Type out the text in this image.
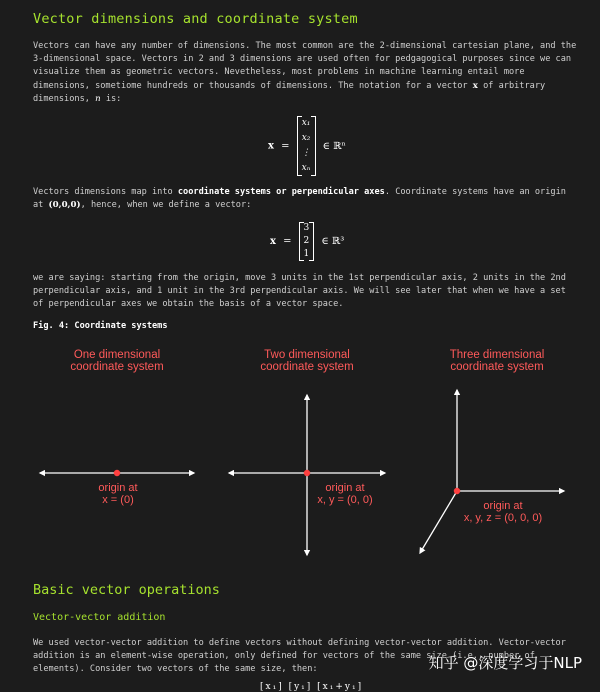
Vector dimensions and coordinate system
Vectors can have any number of dimensions. The most common are the 2-dimensional cartesian plane, and the 3-dimensional space. Vectors in 2 and 3 dimensions are used often for pedgagogical purposes since we can visualize them as geometric vectors. Nevetheless, most problems in machine learning entail more dimensions, sometiome hundreds or thousands of dimensions. The notation for a vector x of arbitrary dimensions, n is:
x =
x₁
x₂
⋮
xₙ
∈ ℝⁿ
Vectors dimensions map into coordinate systems or perpendicular axes. Coordinate systems have an origin at (0,0,0), hence, when we define a vector:
x =
3
2
1
∈ ℝ³
we are saying: starting from the origin, move 3 units in the 1st perpendicular axis, 2 units in the 2nd perpendicular axis, and 1 unit in the 3rd perpendicular axis. We will see later that when we have a set of perpendicular axes we obtain the basis of a vector space.
Fig. 4: Coordinate systems
One dimensional
coordinate system
Two dimensional
coordinate system
Three dimensional
coordinate system
origin at
x = (0)
origin at
x, y = (0, 0)	origin at
x, y, z = (0, 0, 0)
Basic vector operations
Vector-vector addition
We used vector-vector addition to define vectors without defining vector-vector addition. Vector-vector addition is an element-wise operation, only defined for vectors of the same size (i.e., number of elements). Consider two vectors of the same size, then:
[x₁] [y₁] [x₁+y₁]
知乎 @深度学习于NLP
